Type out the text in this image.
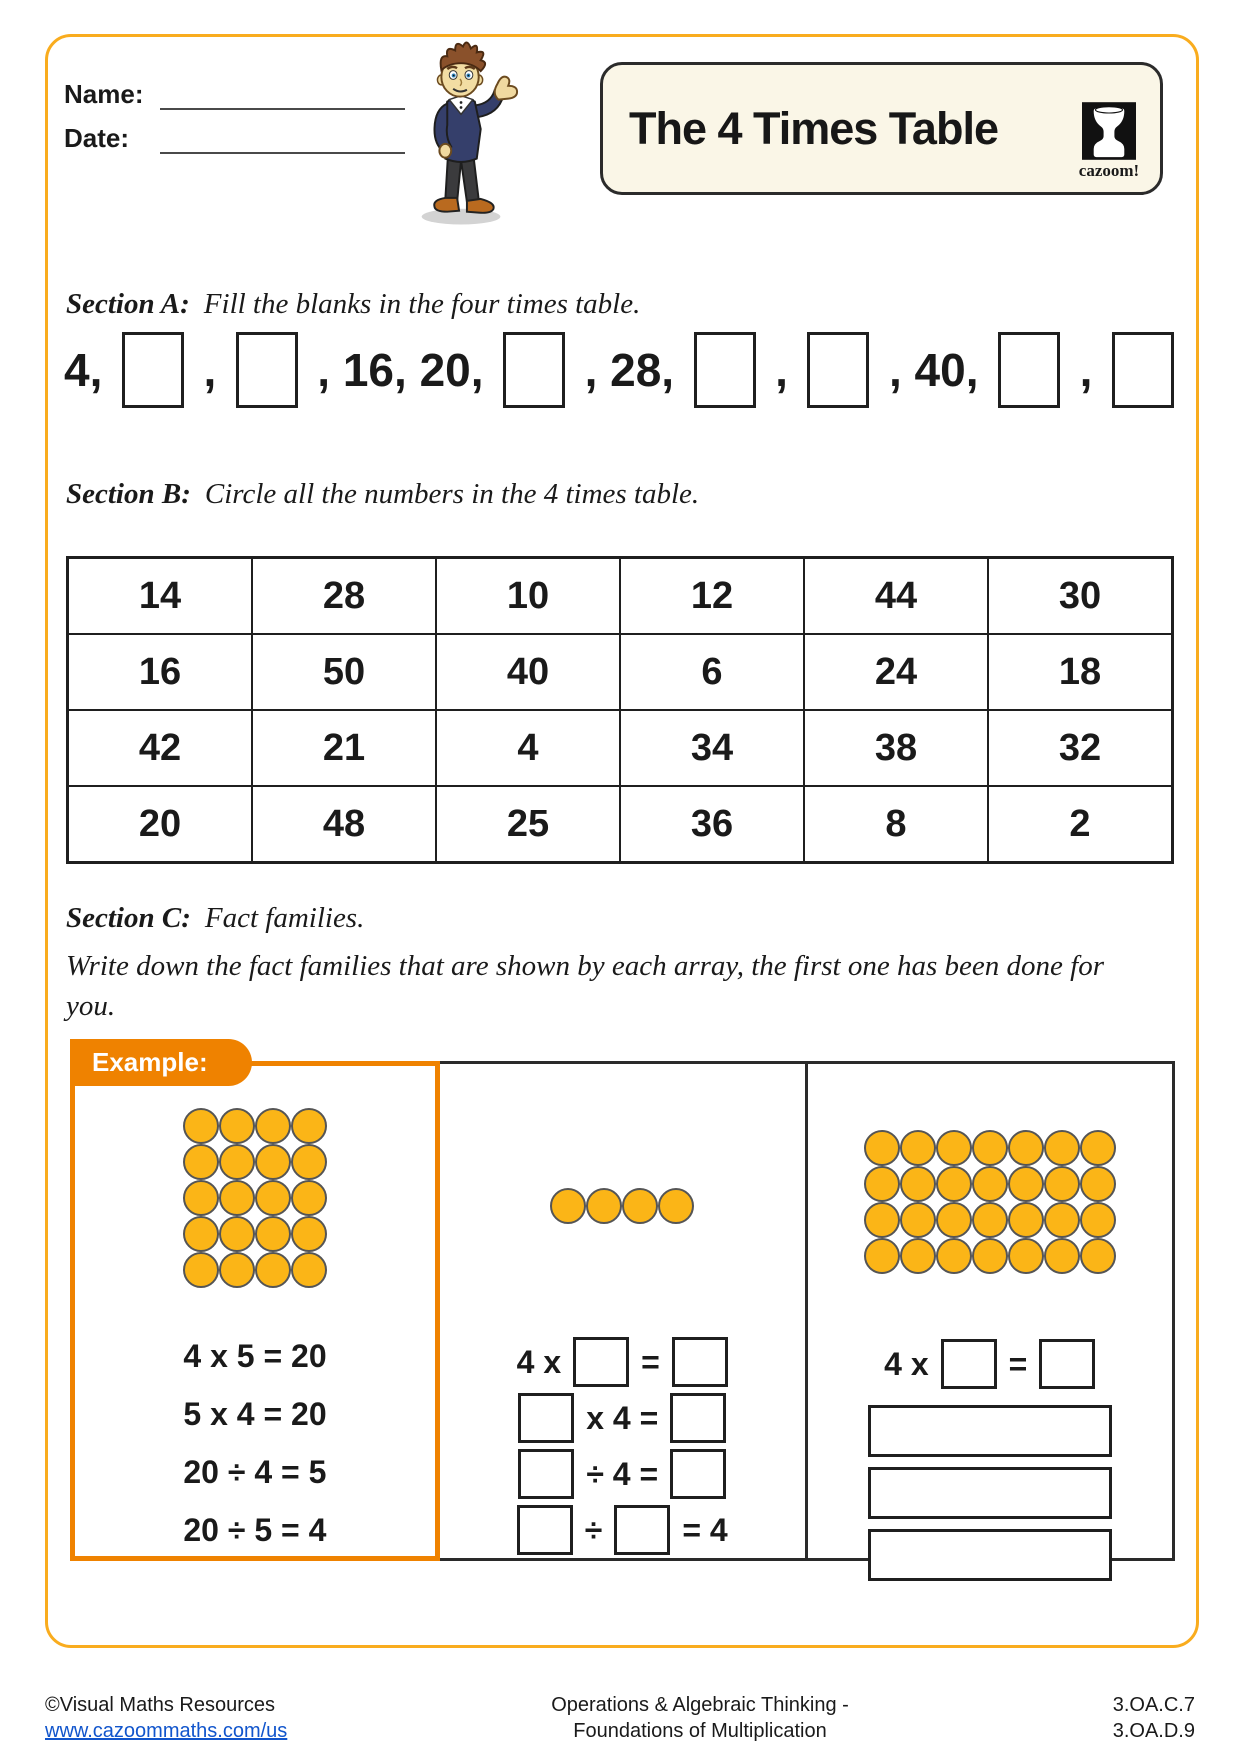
Name:
Date:	The 4 Times Table
cazoom!
Section A: Fill the blanks in the four times table.
4, , , 16, 20, , 28, , , 40, ,
Section B: Circle all the numbers in the 4 times table.
14	28	10	12	44	30
16	50	40	6	24	18
42	21	4	34	38	32
20	48	25	36	8	2
Section C: Fact families.
Write down the fact families that are shown by each array, the first one has been done for you.
4 x	=
x 4 =
÷ 4 =
÷	= 4
4 x	=
Example:
4 x 5 = 20
5 x 4 = 20
20 ÷ 4 = 5
20 ÷ 5 = 4
©Visual Maths Resources
www.cazoommaths.com/us
Operations & Algebraic Thinking -
Foundations of Multiplication
3.OA.C.7
3.OA.D.9
